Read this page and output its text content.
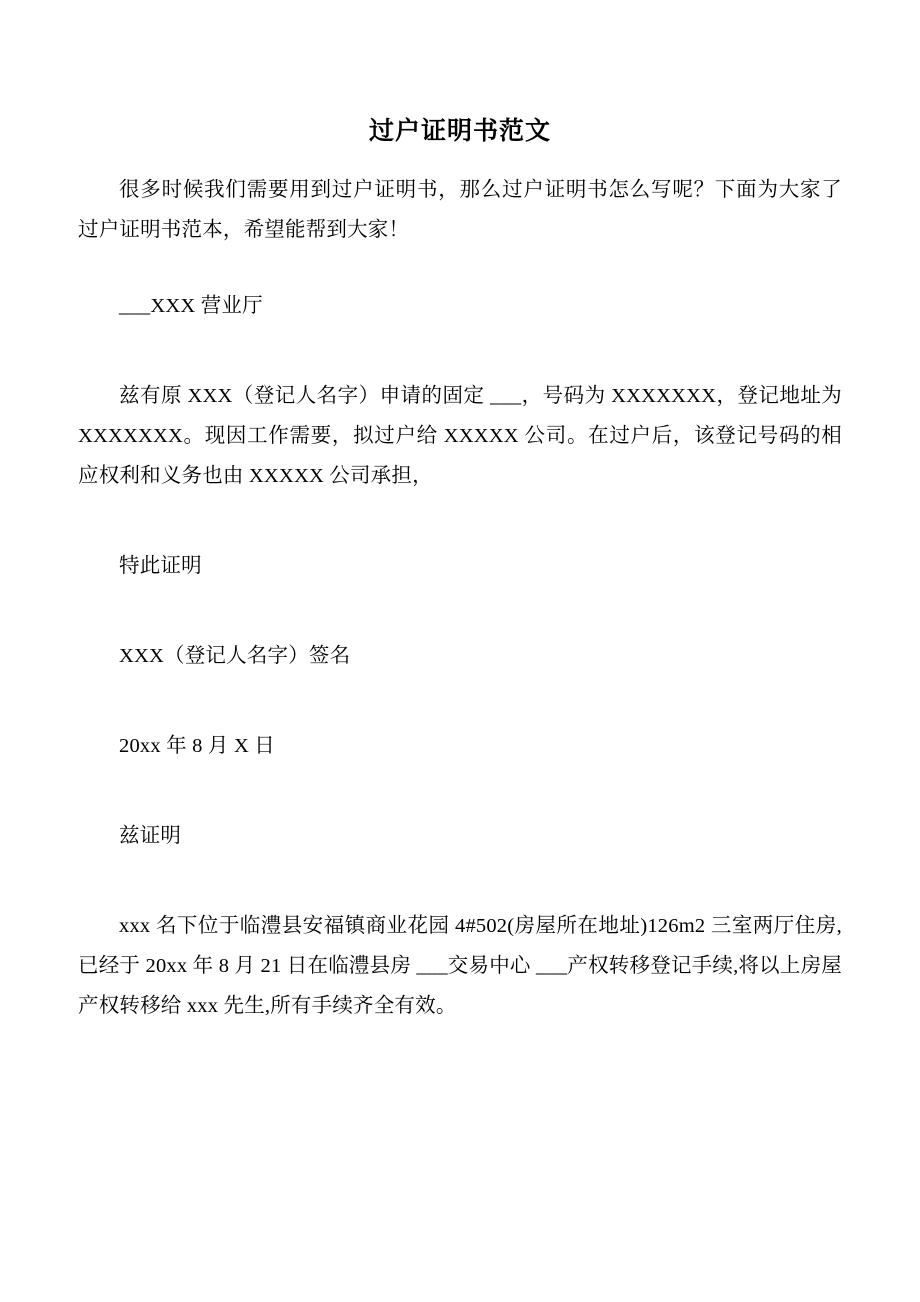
过户证明书范文

很多时候我们需要用到过户证明书，那么过户证明书怎么写呢？下面为大家了过户证明书范本，希望能帮到大家！

___XXX 营业厅

兹有原 XXX（登记人名字）申请的固定 ___，号码为 XXXXXXX，登记地址为 XXXXXXX。现因工作需要，拟过户给 XXXXX 公司。在过户后，该登记号码的相应权利和义务也由 XXXXX 公司承担，

特此证明

XXX（登记人名字）签名

20xx 年 8 月 X 日

兹证明

xxx 名下位于临澧县安福镇商业花园 4#502(房屋所在地址)126m2 三室两厅住房,已经于 20xx 年 8 月 21 日在临澧县房 ___交易中心 ___产权转移登记手续,将以上房屋产权转移给 xxx 先生,所有手续齐全有效。
